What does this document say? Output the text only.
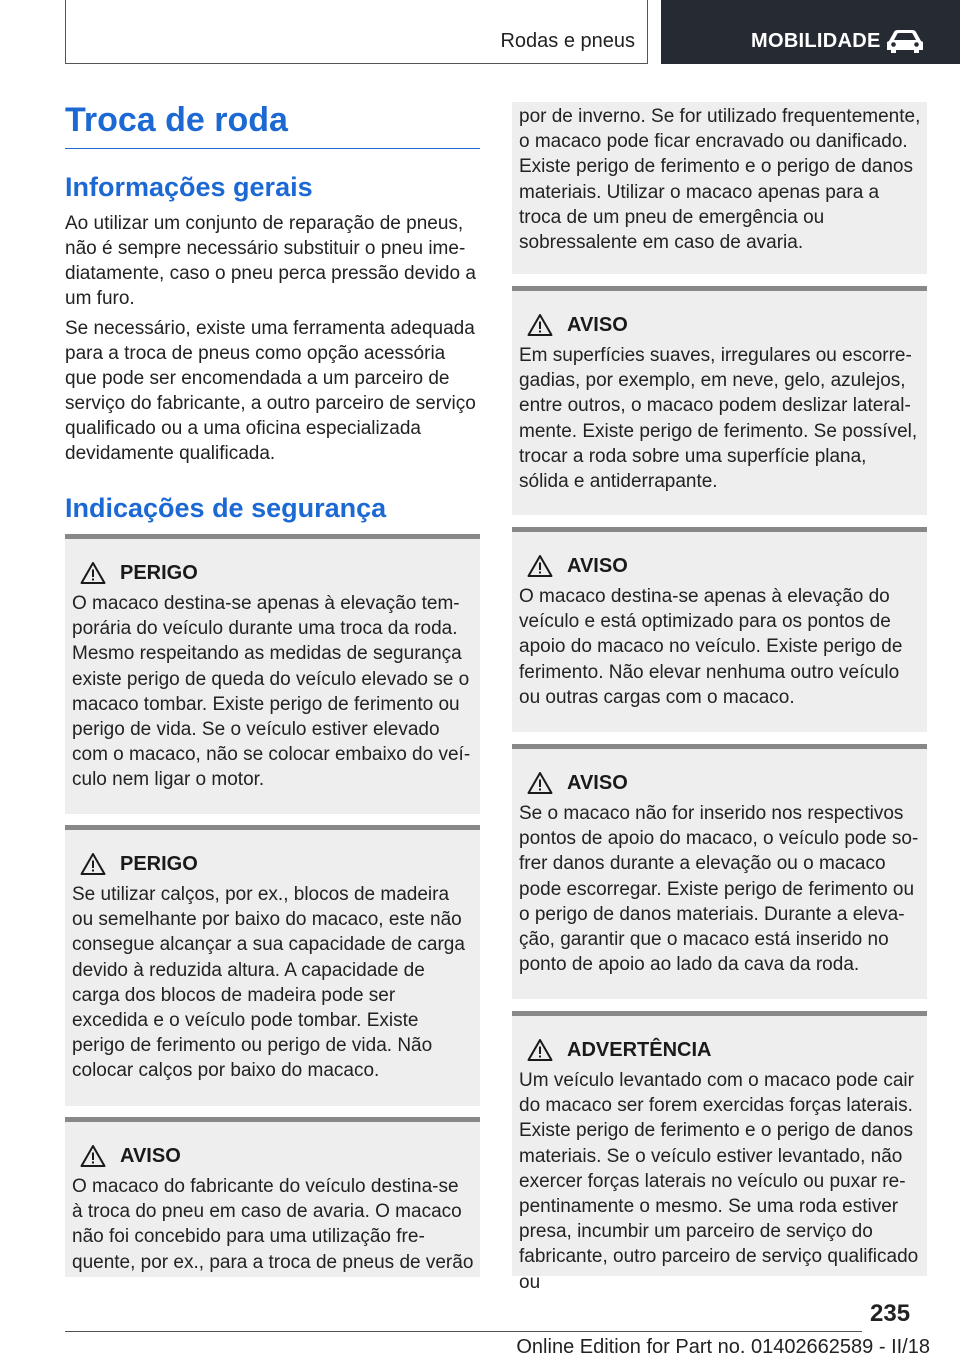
Rodas e pneus	MOBILIDADE
Troca de roda
Informações gerais

Ao utilizar um conjunto de reparação de pneus, não é sempre necessário substituir o pneu imediatamente, caso o pneu perca pressão devido a um furo.

Se necessário, existe uma ferramenta adequada para a troca de pneus como opção acessória que pode ser encomendada a um parceiro de serviço do fabricante, a outro parceiro de serviço qualificado ou a uma oficina especializada devidamente qualificada.

Indicações de segurança
PERIGO

O macaco destina-se apenas à elevação temporária do veículo durante uma troca da roda. Mesmo respeitando as medidas de segurança existe perigo de queda do veículo elevado se o macaco tombar. Existe perigo de ferimento ou perigo de vida. Se o veículo estiver elevado com o macaco, não se colocar embaixo do veículo nem ligar o motor.

PERIGO

Se utilizar calços, por ex., blocos de madeira ou semelhante por baixo do macaco, este não consegue alcançar a sua capacidade de carga devido à reduzida altura. A capacidade de carga dos blocos de madeira pode ser excedida e o veículo pode tombar. Existe perigo de ferimento ou perigo de vida. Não colocar calços por baixo do macaco.

AVISO

O macaco do fabricante do veículo destina-se à troca do pneu em caso de avaria. O macaco não foi concebido para uma utilização frequente, por ex., para a troca de pneus de verão

por de inverno. Se for utilizado frequentemente, o macaco pode ficar encravado ou danificado. Existe perigo de ferimento e o perigo de danos materiais. Utilizar o macaco apenas para a troca de um pneu de emergência ou sobressalente em caso de avaria.

AVISO

Em superfícies suaves, irregulares ou escorregadias, por exemplo, em neve, gelo, azulejos, entre outros, o macaco podem deslizar lateralmente. Existe perigo de ferimento. Se possível, trocar a roda sobre uma superfície plana, sólida e antiderrapante.

AVISO

O macaco destina-se apenas à elevação do veículo e está optimizado para os pontos de apoio do macaco no veículo. Existe perigo de ferimento. Não elevar nenhuma outro veículo ou outras cargas com o macaco.

AVISO

Se o macaco não for inserido nos respectivos pontos de apoio do macaco, o veículo pode sofrer danos durante a elevação ou o macaco pode escorregar. Existe perigo de ferimento ou o perigo de danos materiais. Durante a elevação, garantir que o macaco está inserido no ponto de apoio ao lado da cava da roda.

ADVERTÊNCIA

Um veículo levantado com o macaco pode cair do macaco ser forem exercidas forças laterais. Existe perigo de ferimento e o perigo de danos materiais. Se o veículo estiver levantado, não exercer forças laterais no veículo ou puxar repentinamente o mesmo. Se uma roda estiver presa, incumbir um parceiro de serviço do fabricante, outro parceiro de serviço qualificado ou

235
Online Edition for Part no. 01402662589 - II/18
